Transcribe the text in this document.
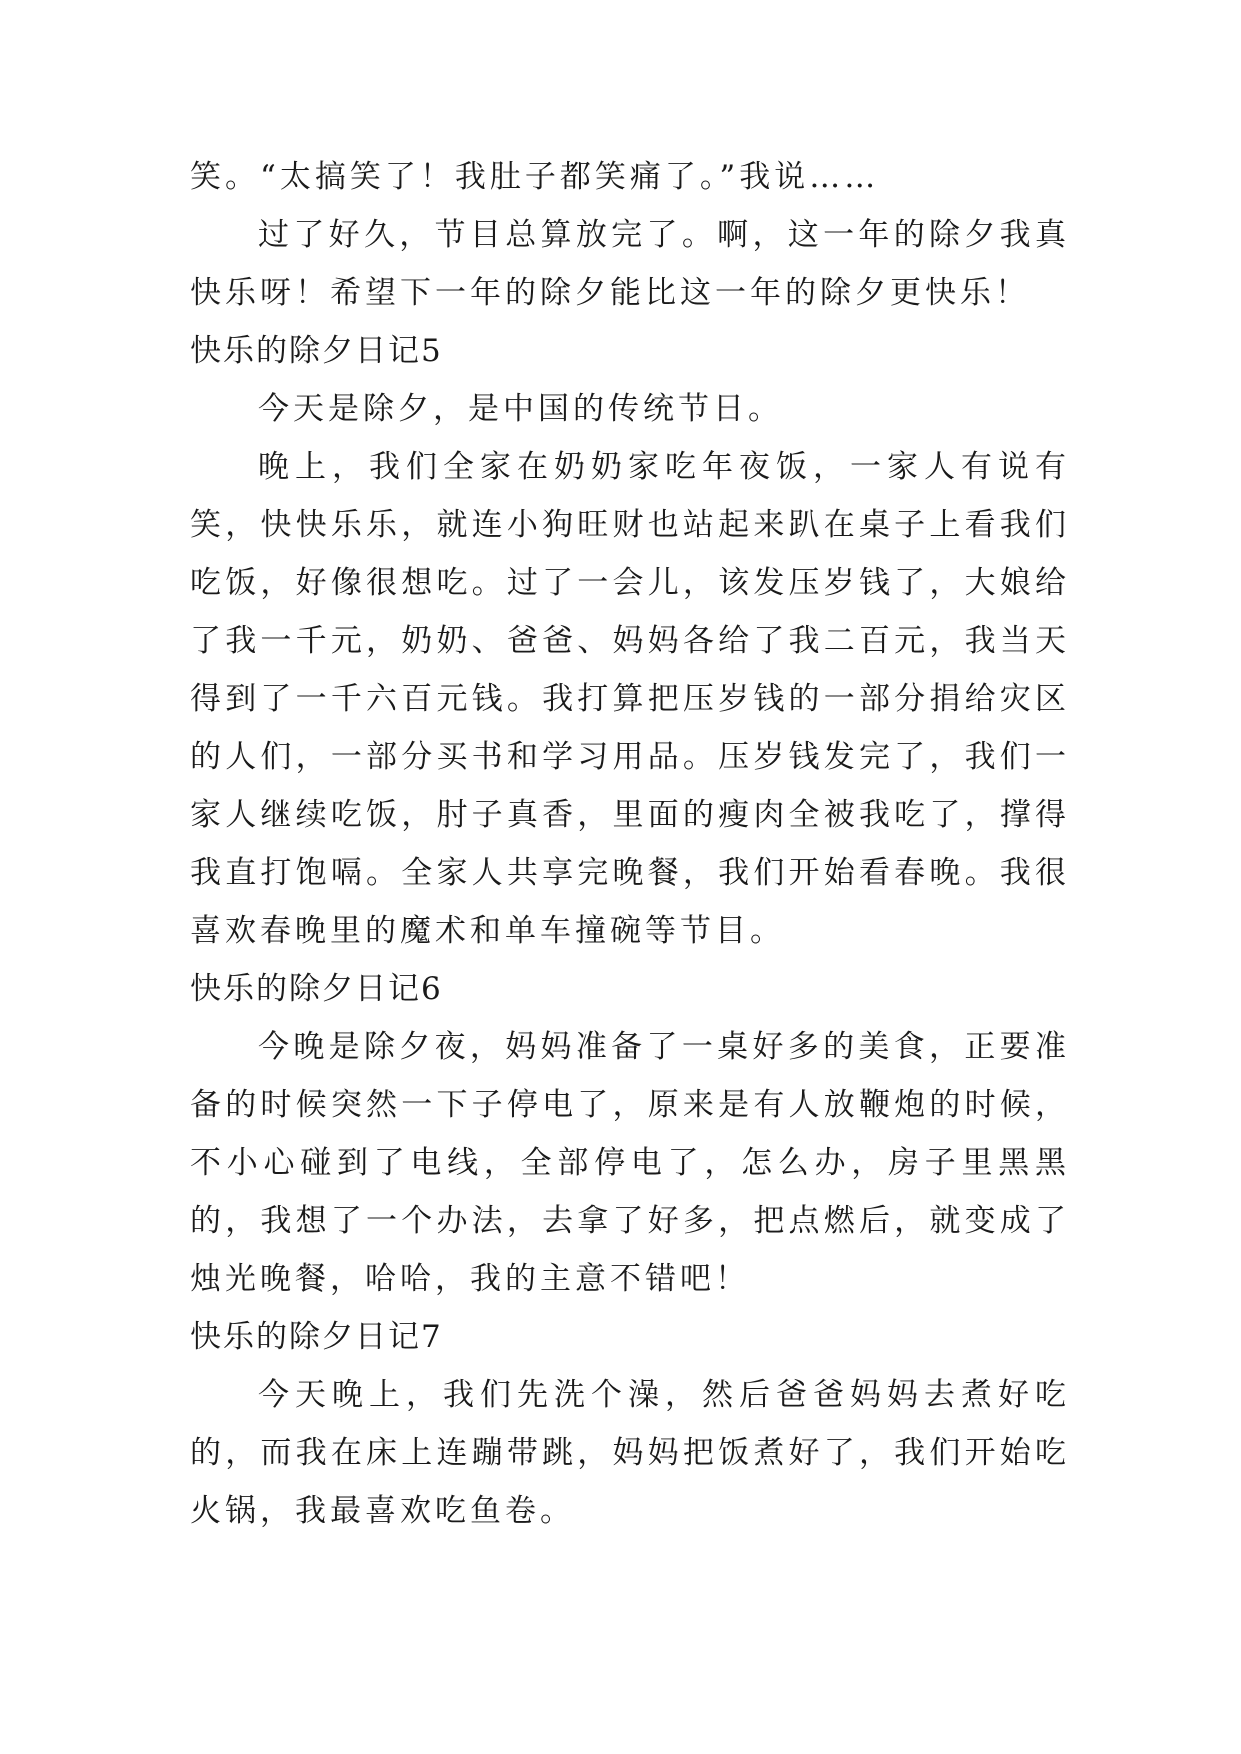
笑。“太搞笑了！我肚子都笑痛了。”我说……

过了好久，节目总算放完了。啊，这一年的除夕我真快乐呀！希望下一年的除夕能比这一年的除夕更快乐！

快乐的除夕日记5

今天是除夕，是中国的传统节日。

晚上，我们全家在奶奶家吃年夜饭，一家人有说有笑，快快乐乐，就连小狗旺财也站起来趴在桌子上看我们吃饭，好像很想吃。过了一会儿，该发压岁钱了，大娘给了我一千元，奶奶、爸爸、妈妈各给了我二百元，我当天得到了一千六百元钱。我打算把压岁钱的一部分捐给灾区的人们，一部分买书和学习用品。压岁钱发完了，我们一家人继续吃饭，肘子真香，里面的瘦肉全被我吃了，撑得我直打饱嗝。全家人共享完晚餐，我们开始看春晚。我很喜欢春晚里的魔术和单车撞碗等节目。

快乐的除夕日记6

今晚是除夕夜，妈妈准备了一桌好多的美食，正要准备的时候突然一下子停电了，原来是有人放鞭炮的时候，不小心碰到了电线，全部停电了，怎么办，房子里黑黑的，我想了一个办法，去拿了好多，把点燃后，就变成了烛光晚餐，哈哈，我的主意不错吧！

快乐的除夕日记7

今天晚上，我们先洗个澡，然后爸爸妈妈去煮好吃的，而我在床上连蹦带跳，妈妈把饭煮好了，我们开始吃火锅，我最喜欢吃鱼卷。
